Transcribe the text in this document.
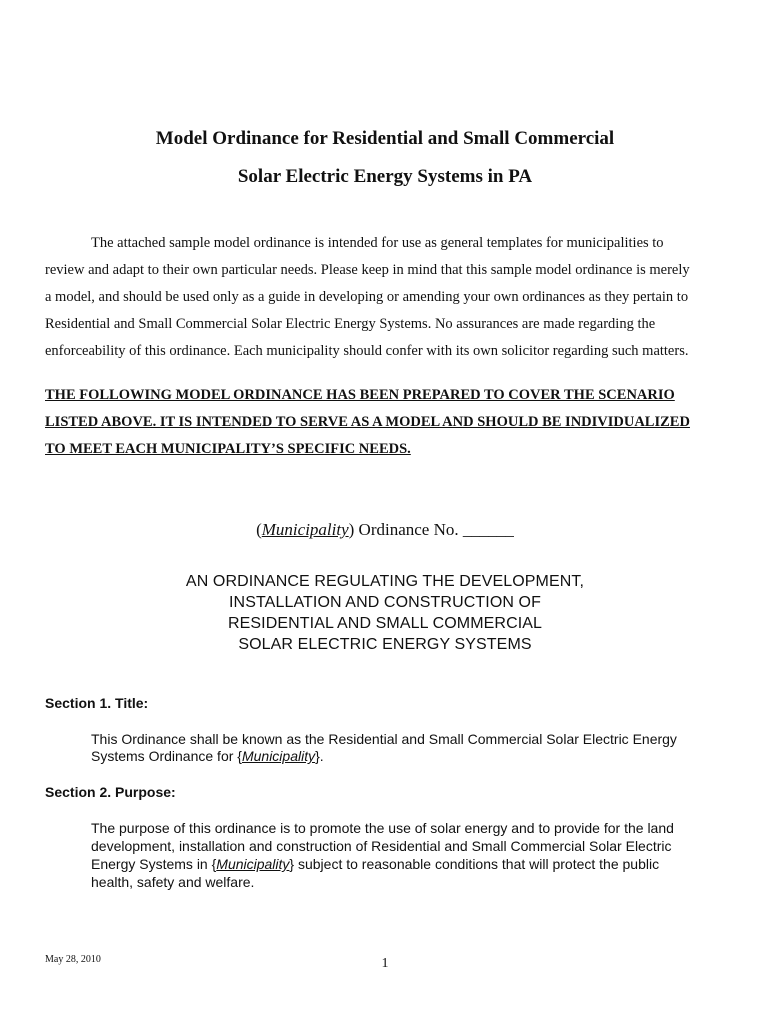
Model Ordinance for Residential and Small Commercial
Solar Electric Energy Systems in PA
The attached sample model ordinance is intended for use as general templates for municipalities to
review and adapt to their own particular needs. Please keep in mind that this sample model ordinance is merely
a model, and should be used only as a guide in developing or amending your own ordinances as they pertain to
Residential and Small Commercial Solar Electric Energy Systems. No assurances are made regarding the
enforceability of this ordinance. Each municipality should confer with its own solicitor regarding such matters.
THE FOLLOWING MODEL ORDINANCE HAS BEEN PREPARED TO COVER THE SCENARIO
LISTED ABOVE. IT IS INTENDED TO SERVE AS A MODEL AND SHOULD BE INDIVIDUALIZED
TO MEET EACH MUNICIPALITY’S SPECIFIC NEEDS.
(Municipality) Ordinance No. ______
AN ORDINANCE REGULATING THE DEVELOPMENT,
INSTALLATION AND CONSTRUCTION OF
RESIDENTIAL AND SMALL COMMERCIAL
SOLAR ELECTRIC ENERGY SYSTEMS
Section 1. Title:
This Ordinance shall be known as the Residential and Small Commercial Solar Electric Energy
Systems Ordinance for {Municipality}.
Section 2. Purpose:
The purpose of this ordinance is to promote the use of solar energy and to provide for the land
development, installation and construction of Residential and Small Commercial Solar Electric
Energy Systems in {Municipality} subject to reasonable conditions that will protect the public
health, safety and welfare.
May 28, 2010	1
